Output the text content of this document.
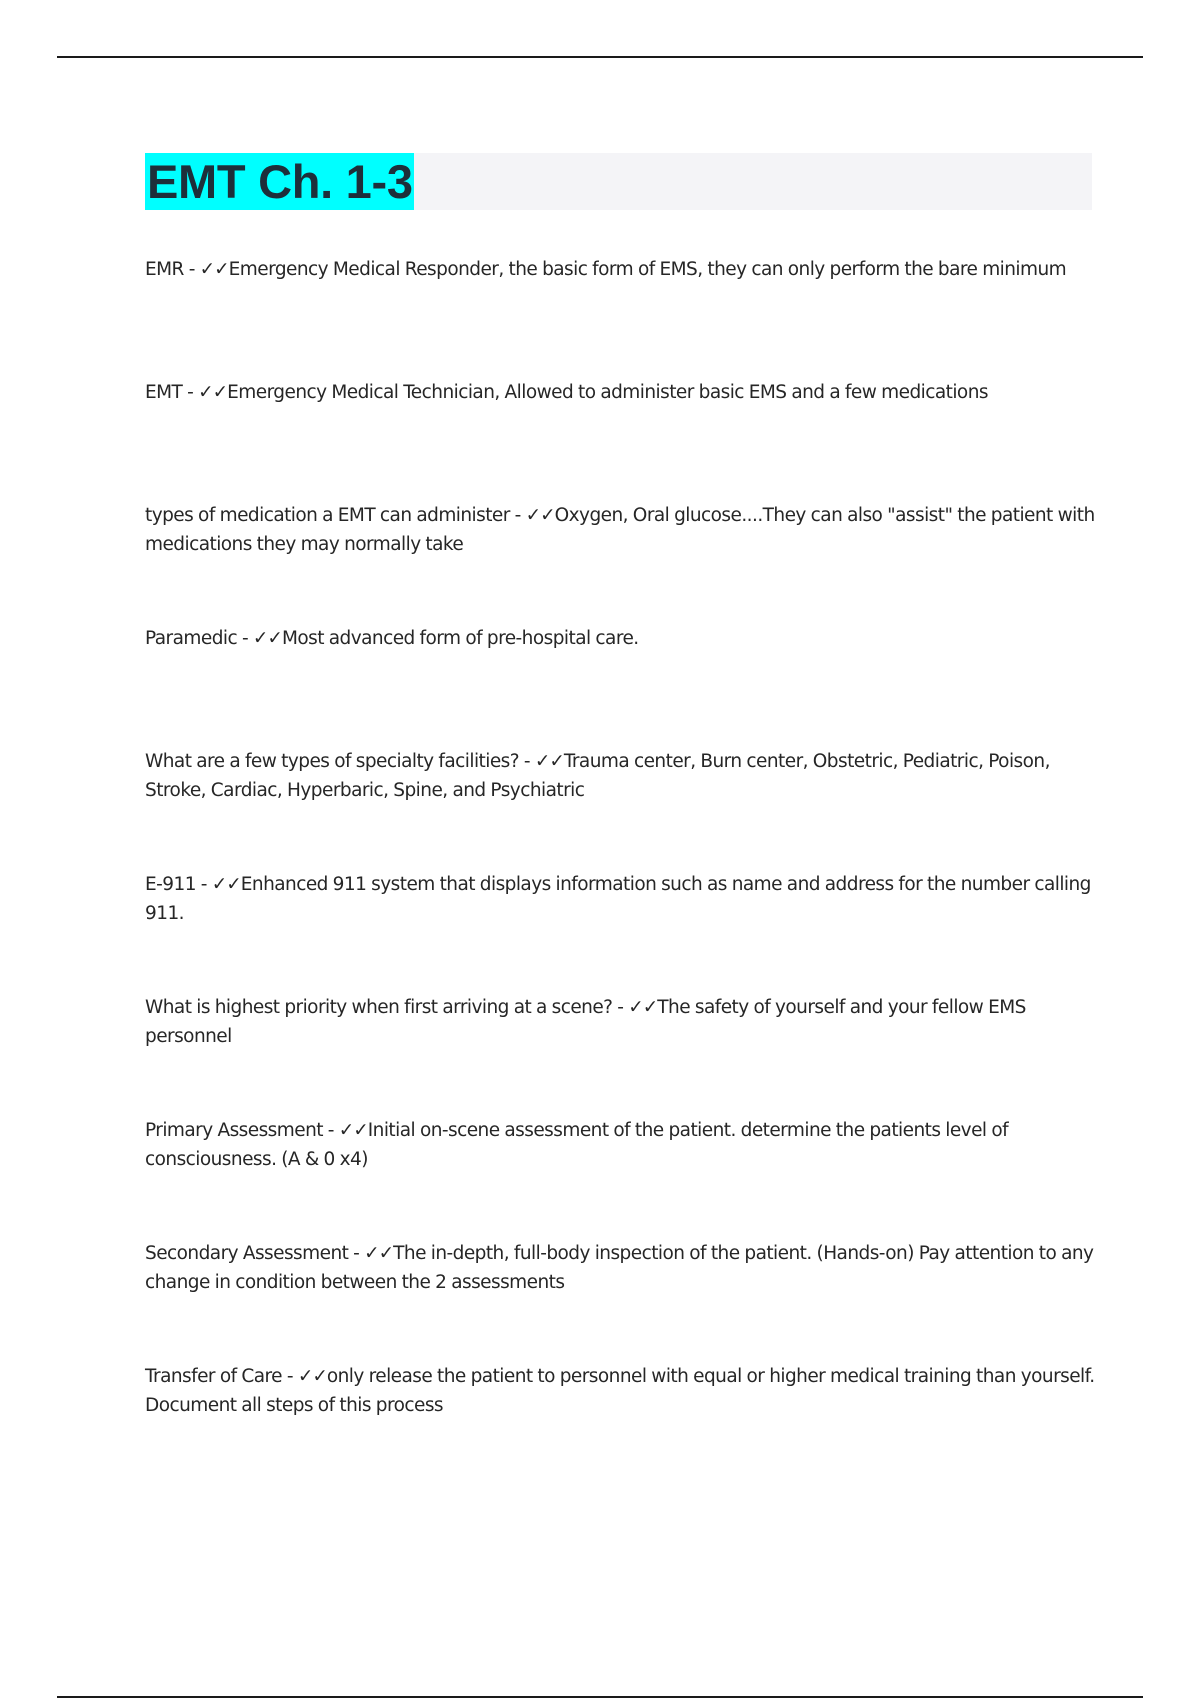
EMT Ch. 1-3

EMR - ✓✓Emergency Medical Responder, the basic form of EMS, they can only perform the bare minimum

EMT - ✓✓Emergency Medical Technician, Allowed to administer basic EMS and a few medications

types of medication a EMT can administer - ✓✓Oxygen, Oral glucose....They can also "assist" the patient with medications they may normally take

Paramedic - ✓✓Most advanced form of pre-hospital care.

What are a few types of specialty facilities? - ✓✓Trauma center, Burn center, Obstetric, Pediatric, Poison, Stroke, Cardiac, Hyperbaric, Spine, and Psychiatric

E-911 - ✓✓Enhanced 911 system that displays information such as name and address for the number calling 911.

What is highest priority when first arriving at a scene? - ✓✓The safety of yourself and your fellow EMS personnel

Primary Assessment - ✓✓Initial on-scene assessment of the patient. determine the patients level of consciousness. (A & 0 x4)

Secondary Assessment - ✓✓The in-depth, full-body inspection of the patient. (Hands-on) Pay attention to any change in condition between the 2 assessments

Transfer of Care - ✓✓only release the patient to personnel with equal or higher medical training than yourself. Document all steps of this process
